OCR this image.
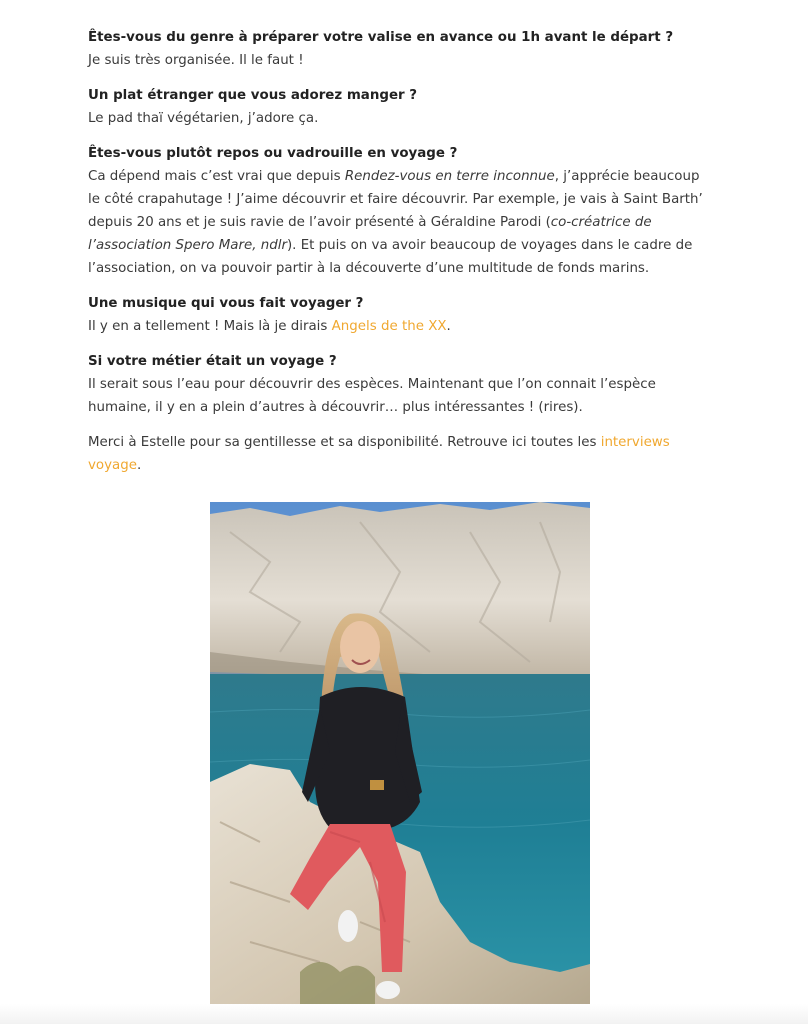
Êtes-vous du genre à préparer votre valise en avance ou 1h avant le départ ?

Je suis très organisée. Il le faut !

Un plat étranger que vous adorez manger ?

Le pad thaï végétarien, j’adore ça.

Êtes-vous plutôt repos ou vadrouille en voyage ?

Ca dépend mais c’est vrai que depuis Rendez-vous en terre inconnue, j’apprécie beaucoup le côté crapahutage ! J’aime découvrir et faire découvrir. Par exemple, je vais à Saint Barth’ depuis 20 ans et je suis ravie de l’avoir présenté à Géraldine Parodi (co-créatrice de l’association Spero Mare, ndlr). Et puis on va avoir beaucoup de voyages dans le cadre de l’association, on va pouvoir partir à la découverte d’une multitude de fonds marins.

Une musique qui vous fait voyager ?

Il y en a tellement ! Mais là je dirais Angels de the XX.

Si votre métier était un voyage ?

Il serait sous l’eau pour découvrir des espèces. Maintenant que l’on connait l’espèce humaine, il y en a plein d’autres à découvrir… plus intéressantes ! (rires).

Merci à Estelle pour sa gentillesse et sa disponibilité. Retrouve ici toutes les interviews voyage.
